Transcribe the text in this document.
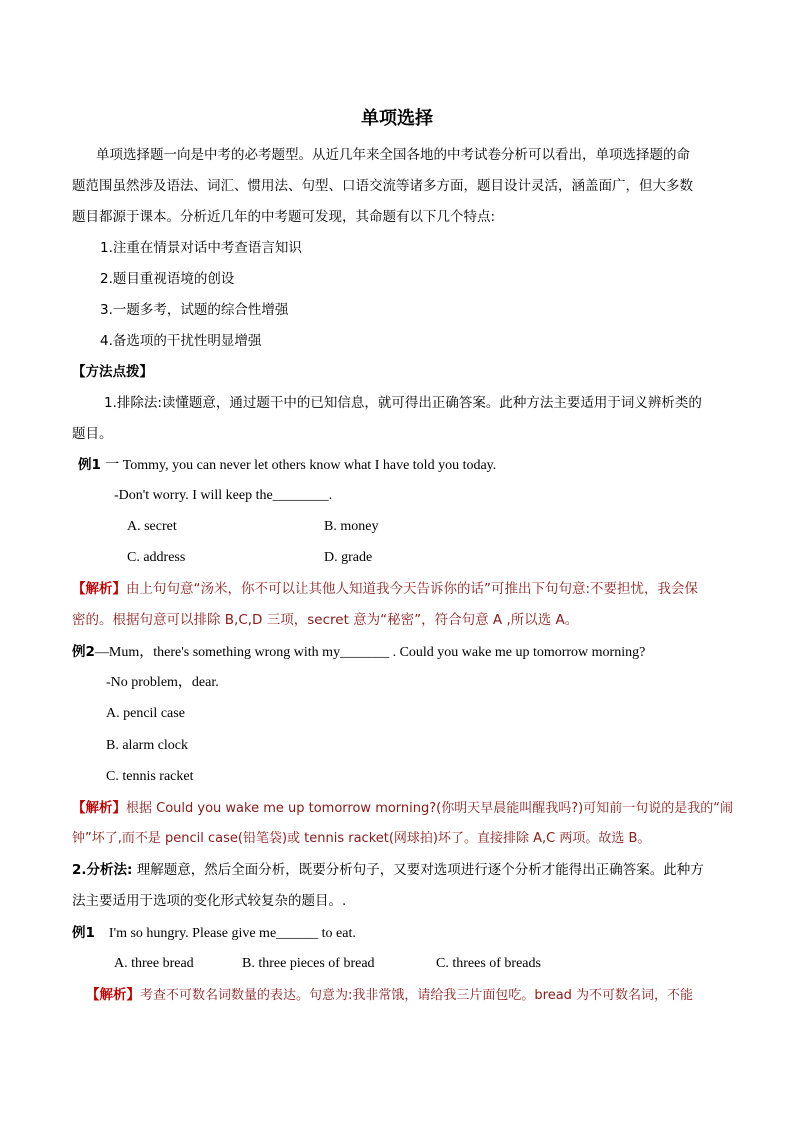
单项选择
单项选择题一向是中考的必考题型。从近几年来全国各地的中考试卷分析可以看出，单项选择题的命
题范围虽然涉及语法、词汇、惯用法、句型、口语交流等诸多方面，题目设计灵活，涵盖面广，但大多数
题目都源于课本。分析近几年的中考题可发现，其命题有以下几个特点:
1.注重在情景对话中考查语言知识
2.题目重视语境的创设
3.一题多考，试题的综合性增强
4.备选项的干扰性明显增强
【方法点拨】
1.排除法:读懂题意，通过题干中的已知信息，就可得出正确答案。此种方法主要适用于词义辨析类的
题目。
例1 一 Tommy, you can never let others know what I have told you today.
-Don't worry. I will keep the________.
A. secret	B. money
C. address	D. grade
【解析】由上句句意“汤米，你不可以让其他人知道我今天告诉你的话”可推出下句句意:不要担忧，我会保
密的。根据句意可以排除 B,C,D 三项，secret 意为“秘密”，符合句意 A ,所以选 A。
例2—Mum，there's something wrong with my_______ . Could you wake me up tomorrow morning?
-No problem，dear.
A. pencil case
B. alarm clock
C. tennis racket
【解析】根据 Could you wake me up tomorrow morning?(你明天早晨能叫醒我吗?)可知前一句说的是我的“闹
钟”坏了,而不是 pencil case(铅笔袋)或 tennis racket(网球拍)坏了。直接排除 A,C 两项。故选 B。
2.分析法: 理解题意，然后全面分析，既要分析句子，又要对选项进行逐个分析才能得出正确答案。此种方
法主要适用于选项的变化形式较复杂的题目。.
例1 I'm so hungry. Please give me______ to eat.
A. three bread	B. three pieces of bread	C. threes of breads
【解析】考查不可数名词数量的表达。句意为:我非常饿，请给我三片面包吃。bread 为不可数名词，不能
